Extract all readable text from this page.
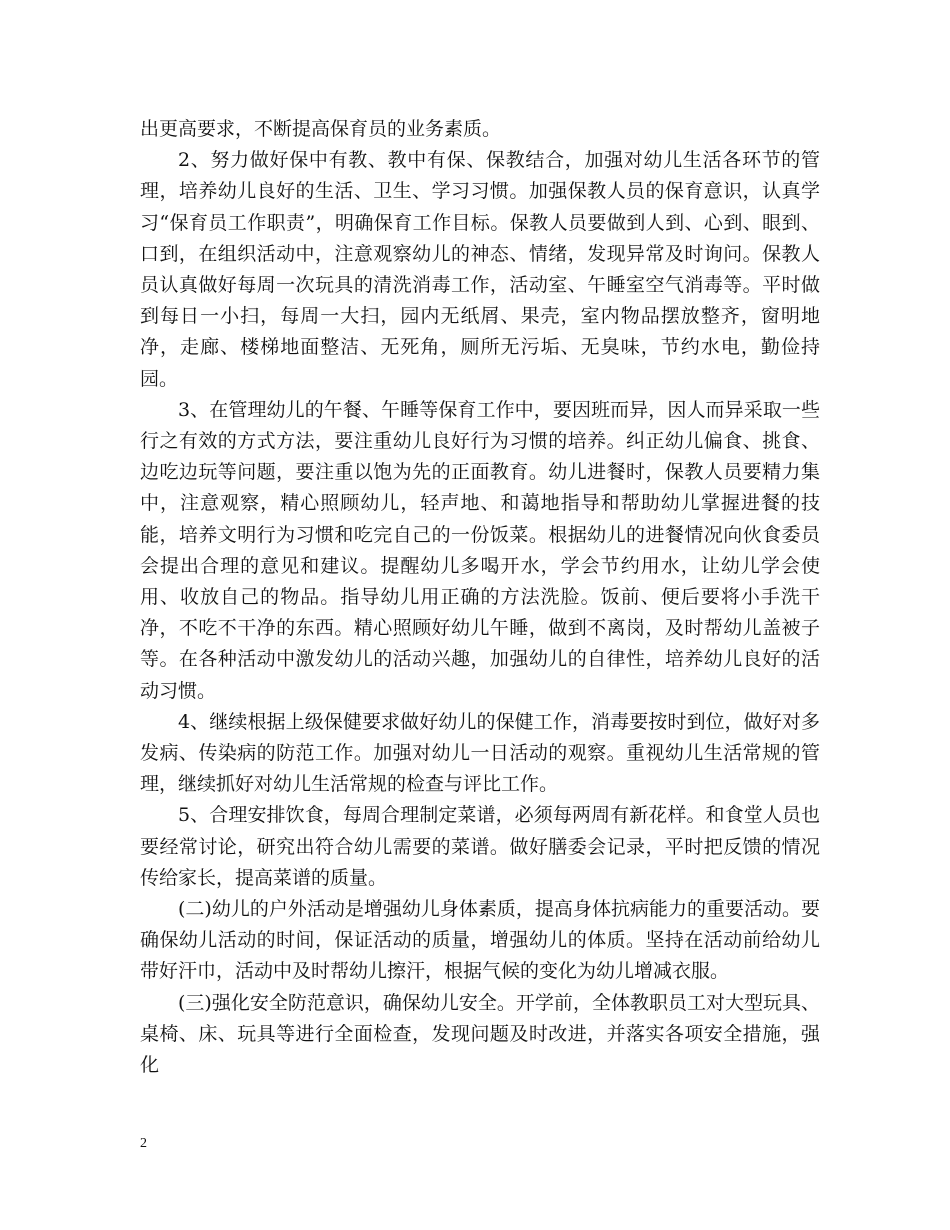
出更高要求，不断提高保育员的业务素质。

2、努力做好保中有教、教中有保、保教结合，加强对幼儿生活各环节的管理，培养幼儿良好的生活、卫生、学习习惯。加强保教人员的保育意识，认真学习“保育员工作职责”，明确保育工作目标。保教人员要做到人到、心到、眼到、口到，在组织活动中，注意观察幼儿的神态、情绪，发现异常及时询问。保教人员认真做好每周一次玩具的清洗消毒工作，活动室、午睡室空气消毒等。平时做到每日一小扫，每周一大扫，园内无纸屑、果壳，室内物品摆放整齐，窗明地净，走廊、楼梯地面整洁、无死角，厕所无污垢、无臭味，节约水电，勤俭持园。

3、在管理幼儿的午餐、午睡等保育工作中，要因班而异，因人而异采取一些行之有效的方式方法，要注重幼儿良好行为习惯的培养。纠正幼儿偏食、挑食、边吃边玩等问题，要注重以饱为先的正面教育。幼儿进餐时，保教人员要精力集中，注意观察，精心照顾幼儿，轻声地、和蔼地指导和帮助幼儿掌握进餐的技能，培养文明行为习惯和吃完自己的一份饭菜。根据幼儿的进餐情况向伙食委员会提出合理的意见和建议。提醒幼儿多喝开水，学会节约用水，让幼儿学会使用、收放自己的物品。指导幼儿用正确的方法洗脸。饭前、便后要将小手洗干净，不吃不干净的东西。精心照顾好幼儿午睡，做到不离岗，及时帮幼儿盖被子等。在各种活动中激发幼儿的活动兴趣，加强幼儿的自律性，培养幼儿良好的活动习惯。

4、继续根据上级保健要求做好幼儿的保健工作，消毒要按时到位，做好对多发病、传染病的防范工作。加强对幼儿一日活动的观察。重视幼儿生活常规的管理，继续抓好对幼儿生活常规的检查与评比工作。

5、合理安排饮食，每周合理制定菜谱，必须每两周有新花样。和食堂人员也要经常讨论，研究出符合幼儿需要的菜谱。做好膳委会记录，平时把反馈的情况传给家长，提高菜谱的质量。

(二)幼儿的户外活动是增强幼儿身体素质，提高身体抗病能力的重要活动。要确保幼儿活动的时间，保证活动的质量，增强幼儿的体质。坚持在活动前给幼儿带好汗巾，活动中及时帮幼儿擦汗，根据气候的变化为幼儿增减衣服。

(三)强化安全防范意识，确保幼儿安全。开学前，全体教职员工对大型玩具、桌椅、床、玩具等进行全面检查，发现问题及时改进，并落实各项安全措施，强化

2
